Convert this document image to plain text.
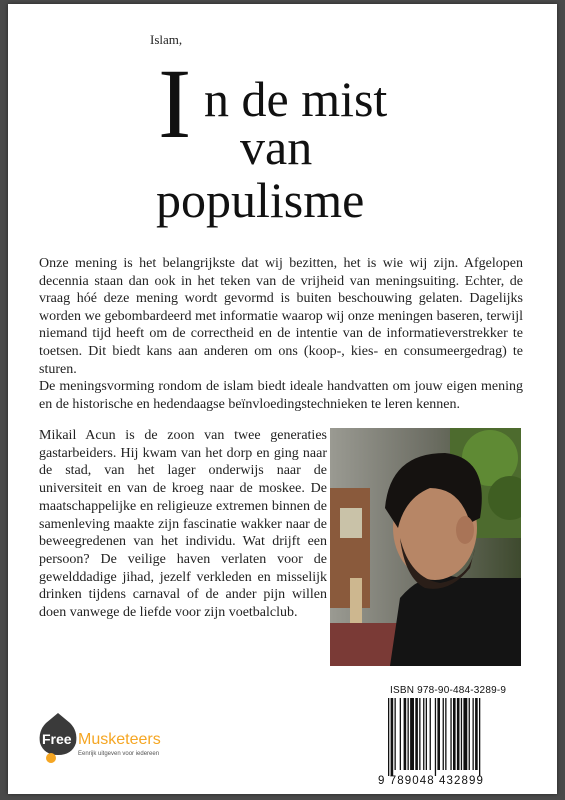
Islam,
I n de mist
van
populisme

Onze mening is het belangrijkste dat wij bezitten, het is wie wij zijn. Afgelopen decennia staan dan ook in het teken van de vrijheid van meningsuiting. Echter, de vraag hóé deze mening wordt gevormd is buiten beschouwing gelaten. Dagelijks worden we gebombardeerd met informatie waarop wij onze meningen baseren, terwijl niemand tijd heeft om de correctheid en de intentie van de informatieverstrekker te toetsen. Dit biedt kans aan anderen om ons (koop-, kies- en consumeergedrag) te sturen.

De meningsvorming rondom de islam biedt ideale handvatten om jouw eigen mening en de historische en hedendaagse beïnvloedingstechnieken te leren kennen.

Mikail Acun is de zoon van twee generaties gastarbeiders. Hij kwam van het dorp en ging naar de stad, van het lager onderwijs naar de universiteit en van de kroeg naar de moskee. De maatschappelijke en religieuze extremen binnen de samenleving maakte zijn fascinatie wakker naar de beweegredenen van het individu. Wat drijft een persoon? De veilige haven verlaten voor de gewelddadige jihad, jezelf verkleden en misselijk drinken tijdens carnaval of de ander pijn willen doen vanwege de liefde voor zijn voetbalclub.

Free Musketeers
Eenrijk uitgeven voor iedereen
ISBN 978-90-484-3289-9
9 789048 432899
